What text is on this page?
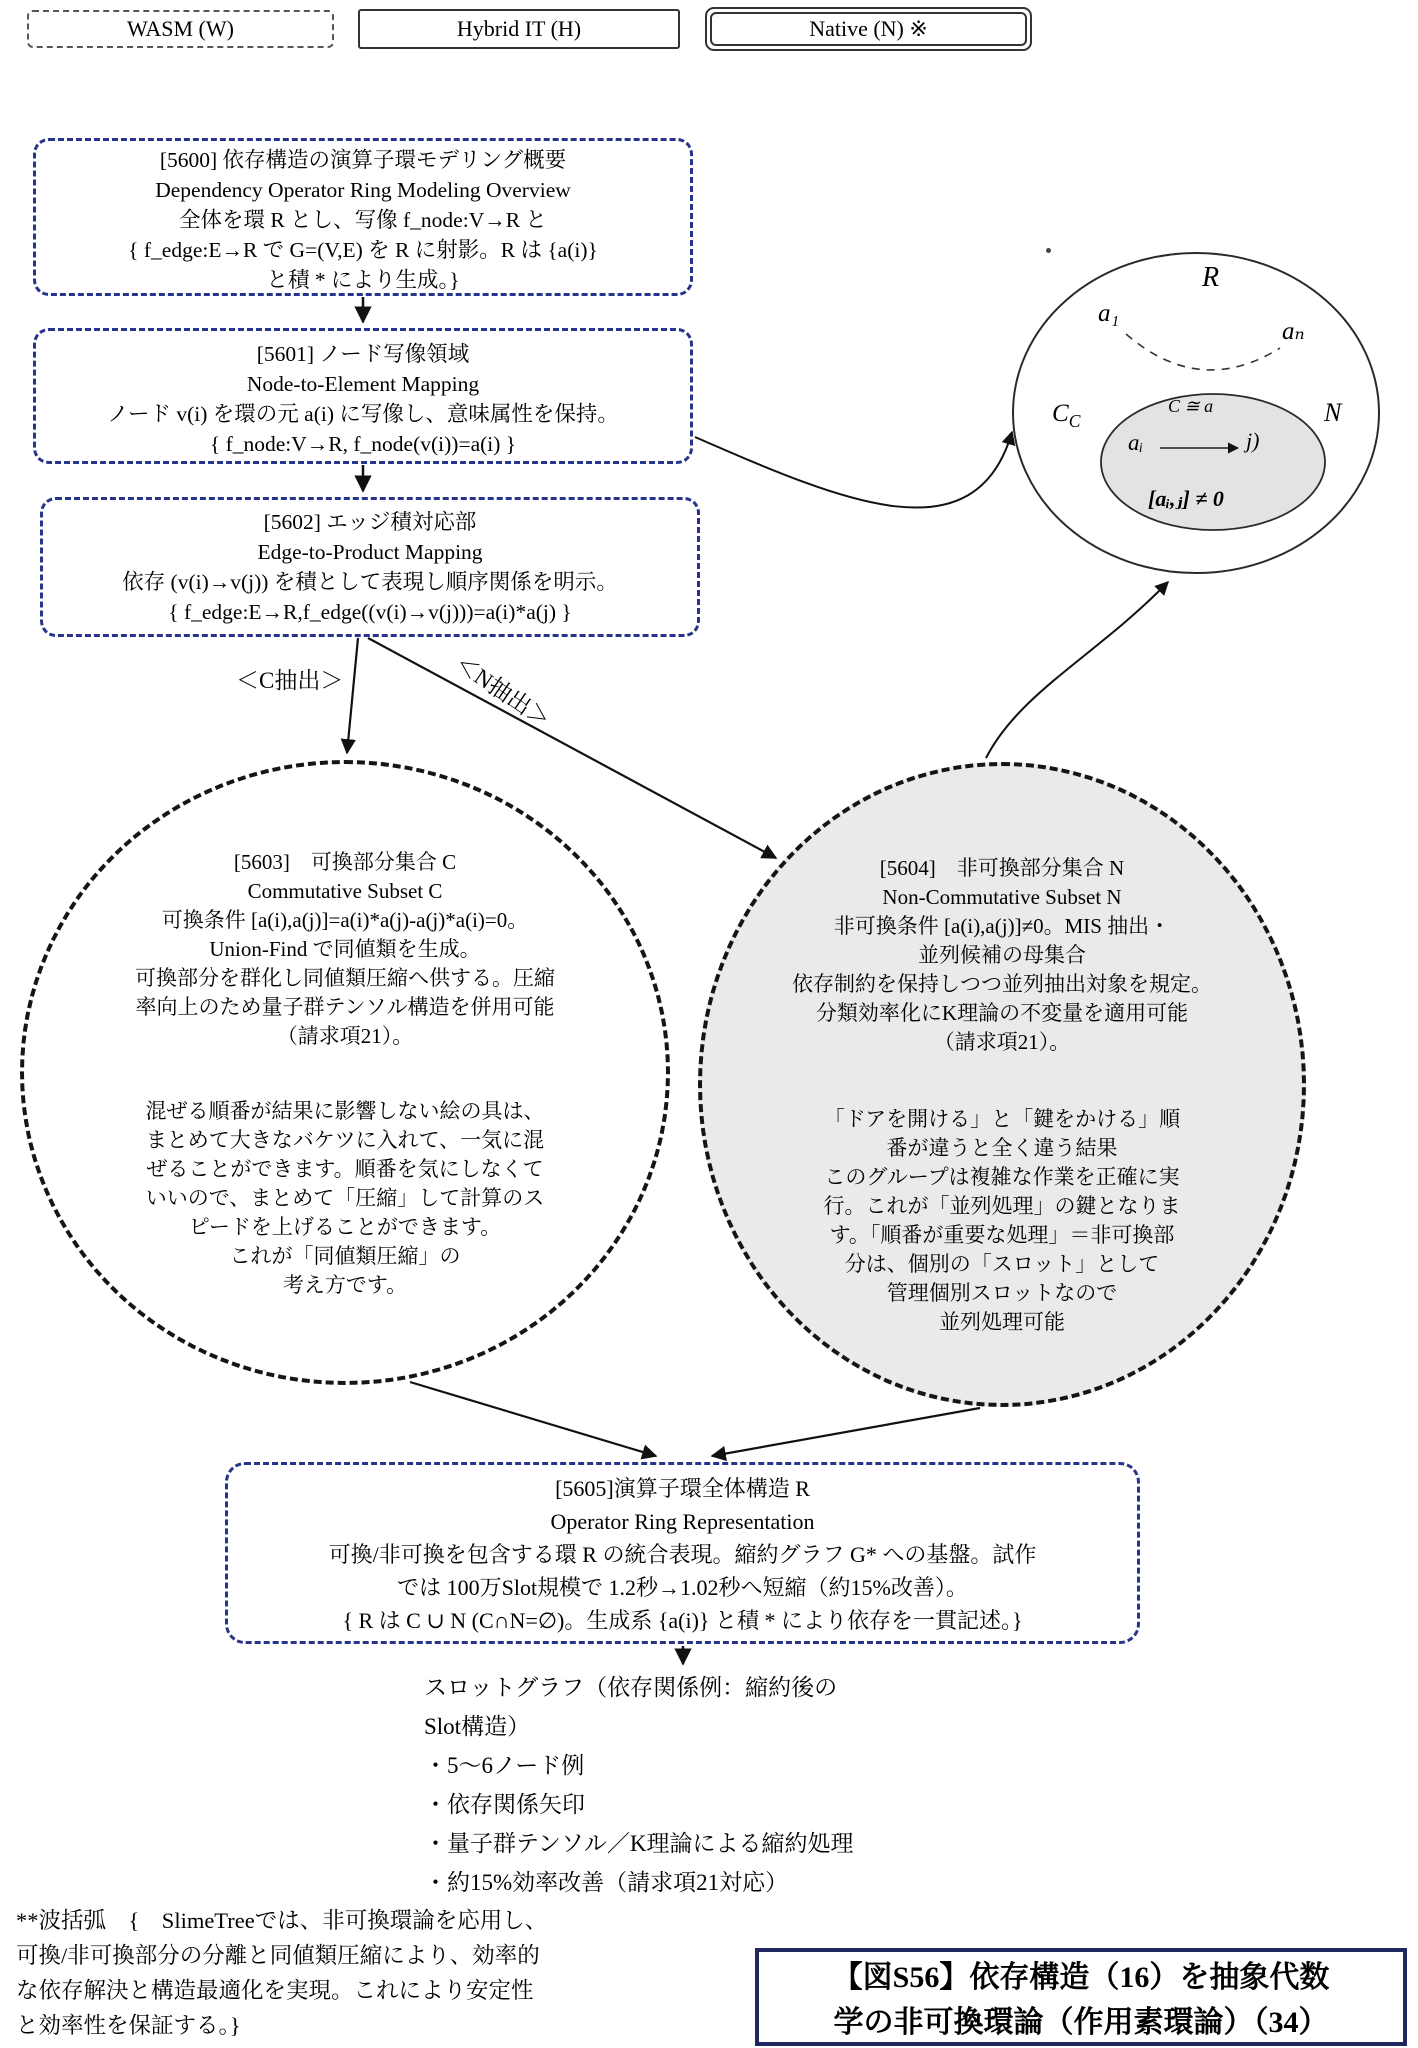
WASM (W)	Hybrid IT (H)	Native (N) ※
[5600] 依存構造の演算子環モデリング概要
Dependency Operator Ring Modeling Overview
全体を環 R とし、写像 f_node:V→R と
{ f_edge:E→R で G=(V,E) を R に射影。R は {a(i)}
と積 * により生成。}
[5601] ノード写像領域
Node-to-Element Mapping
ノード v(i) を環の元 a(i) に写像し、意味属性を保持。
{ f_node:V→R, f_node(v(i))=a(i) }
[5602] エッジ積対応部
Edge-to-Product Mapping
依存 (v(i)→v(j)) を積として表現し順序関係を明示。
{ f_edge:E→R,f_edge((v(i)→v(j)))=a(i)*a(j) }
＜C抽出＞	＜N抽出＞
[5603]　可換部分集合 C
Commutative Subset C
可換条件 [a(i),a(j)]=a(i)*a(j)-a(j)*a(i)=0。
Union-Find で同値類を生成。
可換部分を群化し同値類圧縮へ供する。圧縮
率向上のため量子群テンソル構造を併用可能
（請求項21）。
混ぜる順番が結果に影響しない絵の具は、
まとめて大きなバケツに入れて、一気に混
ぜることができます。順番を気にしなくて
いいので、まとめて「圧縮」して計算のス
ピードを上げることができます。
これが「同値類圧縮」の
考え方です。
[5604]　非可換部分集合 N
Non-Commutative Subset N
非可換条件 [a(i),a(j)]≠0。MIS 抽出・
並列候補の母集合
依存制約を保持しつつ並列抽出対象を規定。
分類効率化にK理論の不変量を適用可能
（請求項21）。
「ドアを開ける」と「鍵をかける」順
番が違うと全く違う結果
このグループは複雑な作業を正確に実
行。これが「並列処理」の鍵となりま
す。「順番が重要な処理」＝非可換部
分は、個別の「スロット」として
管理個別スロットなので
並列処理可能
R
a₁
aₙ
$C_C$	N
C ≅ a
aᵢ	j)
[aᵢ,ⱼ] ≠ 0
[5605]演算子環全体構造 R
Operator Ring Representation
可換/非可換を包含する環 R の統合表現。縮約グラフ G* への基盤。試作
では 100万Slot規模で 1.2秒→1.02秒へ短縮（約15%改善）。
{ R は C ∪ N (C∩N=∅)。生成系 {a(i)} と積 * により依存を一貫記述。}
スロットグラフ（依存関係例：縮約後の
Slot構造）
・5～6ノード例
・依存関係矢印
・量子群テンソル／K理論による縮約処理
・約15%効率改善（請求項21対応）
**波括弧　{　SlimeTreeでは、非可換環論を応用し、
可換/非可換部分の分離と同値類圧縮により、効率的
な依存解決と構造最適化を実現。これにより安定性
と効率性を保証する。}
【図S56】依存構造（16）を抽象代数
学の非可換環論（作用素環論）（34）
